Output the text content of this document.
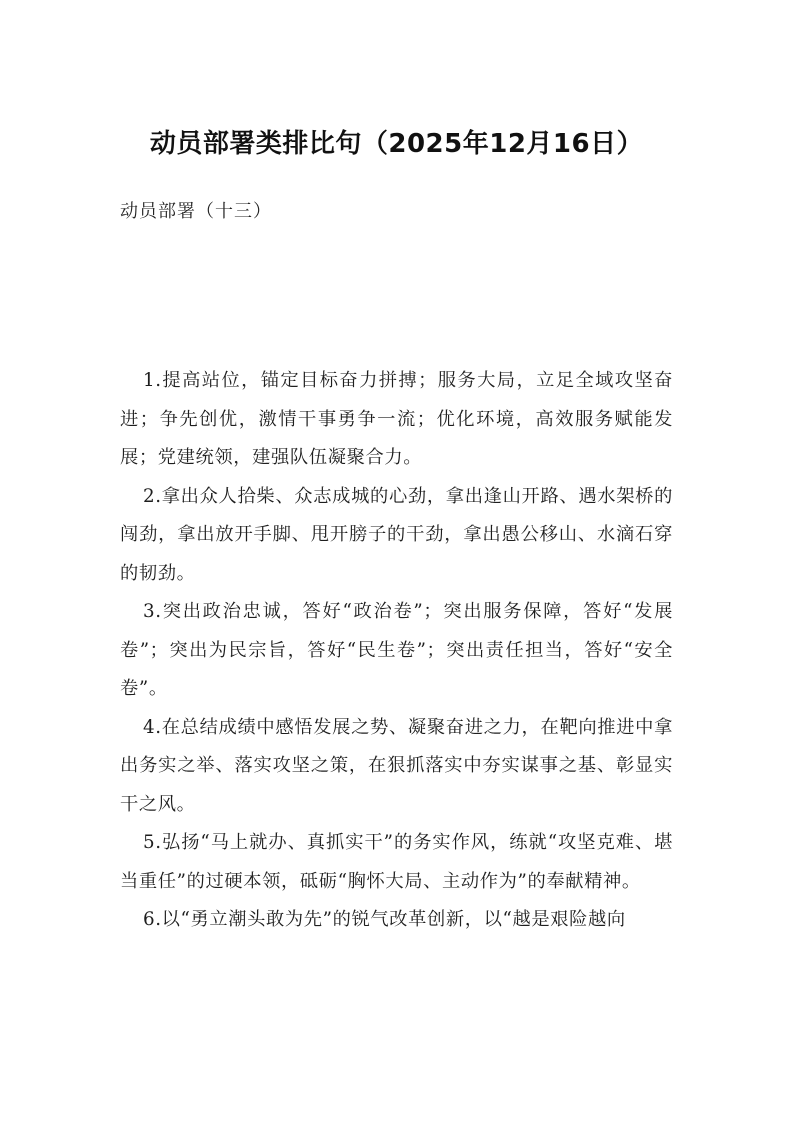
动员部署类排比句（2025年12月16日）
动员部署（十三）

1.提高站位，锚定目标奋力拼搏；服务大局，立足全域攻坚奋进；争先创优，激情干事勇争一流；优化环境，高效服务赋能发展；党建统领，建强队伍凝聚合力。

2.拿出众人拾柴、众志成城的心劲，拿出逢山开路、遇水架桥的闯劲，拿出放开手脚、甩开膀子的干劲，拿出愚公移山、水滴石穿的韧劲。

3.突出政治忠诚，答好“政治卷”；突出服务保障，答好“发展卷”；突出为民宗旨，答好“民生卷”；突出责任担当，答好“安全卷”。

4.在总结成绩中感悟发展之势、凝聚奋进之力，在靶向推进中拿出务实之举、落实攻坚之策，在狠抓落实中夯实谋事之基、彰显实干之风。

5.弘扬“马上就办、真抓实干”的务实作风，练就“攻坚克难、堪当重任”的过硬本领，砥砺“胸怀大局、主动作为”的奉献精神。

6.以“勇立潮头敢为先”的锐气改革创新，以“越是艰险越向
